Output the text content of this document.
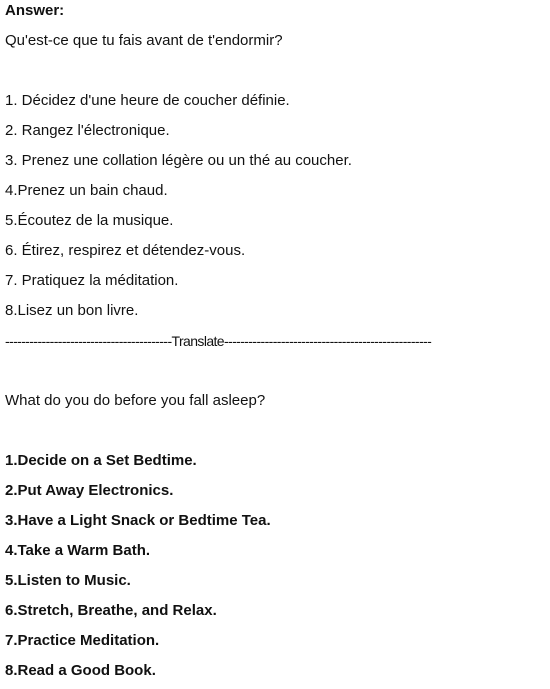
Answer:
Qu'est-ce que tu fais avant de t'endormir?
1. Décidez d'une heure de coucher définie.
2. Rangez l'électronique.
3. Prenez une collation légère ou un thé au coucher.
4.Prenez un bain chaud.
5.Écoutez de la musique.
6. Étirez, respirez et détendez-vous.
7. Pratiquez la méditation.
8.Lisez un bon livre.
-----------------------------------------Translate---------------------------------------------------
What do you do before you fall asleep?
1.Decide on a Set Bedtime.
2.Put Away Electronics.
3.Have a Light Snack or Bedtime Tea.
4.Take a Warm Bath.
5.Listen to Music.
6.Stretch, Breathe, and Relax.
7.Practice Meditation.
8.Read a Good Book.
